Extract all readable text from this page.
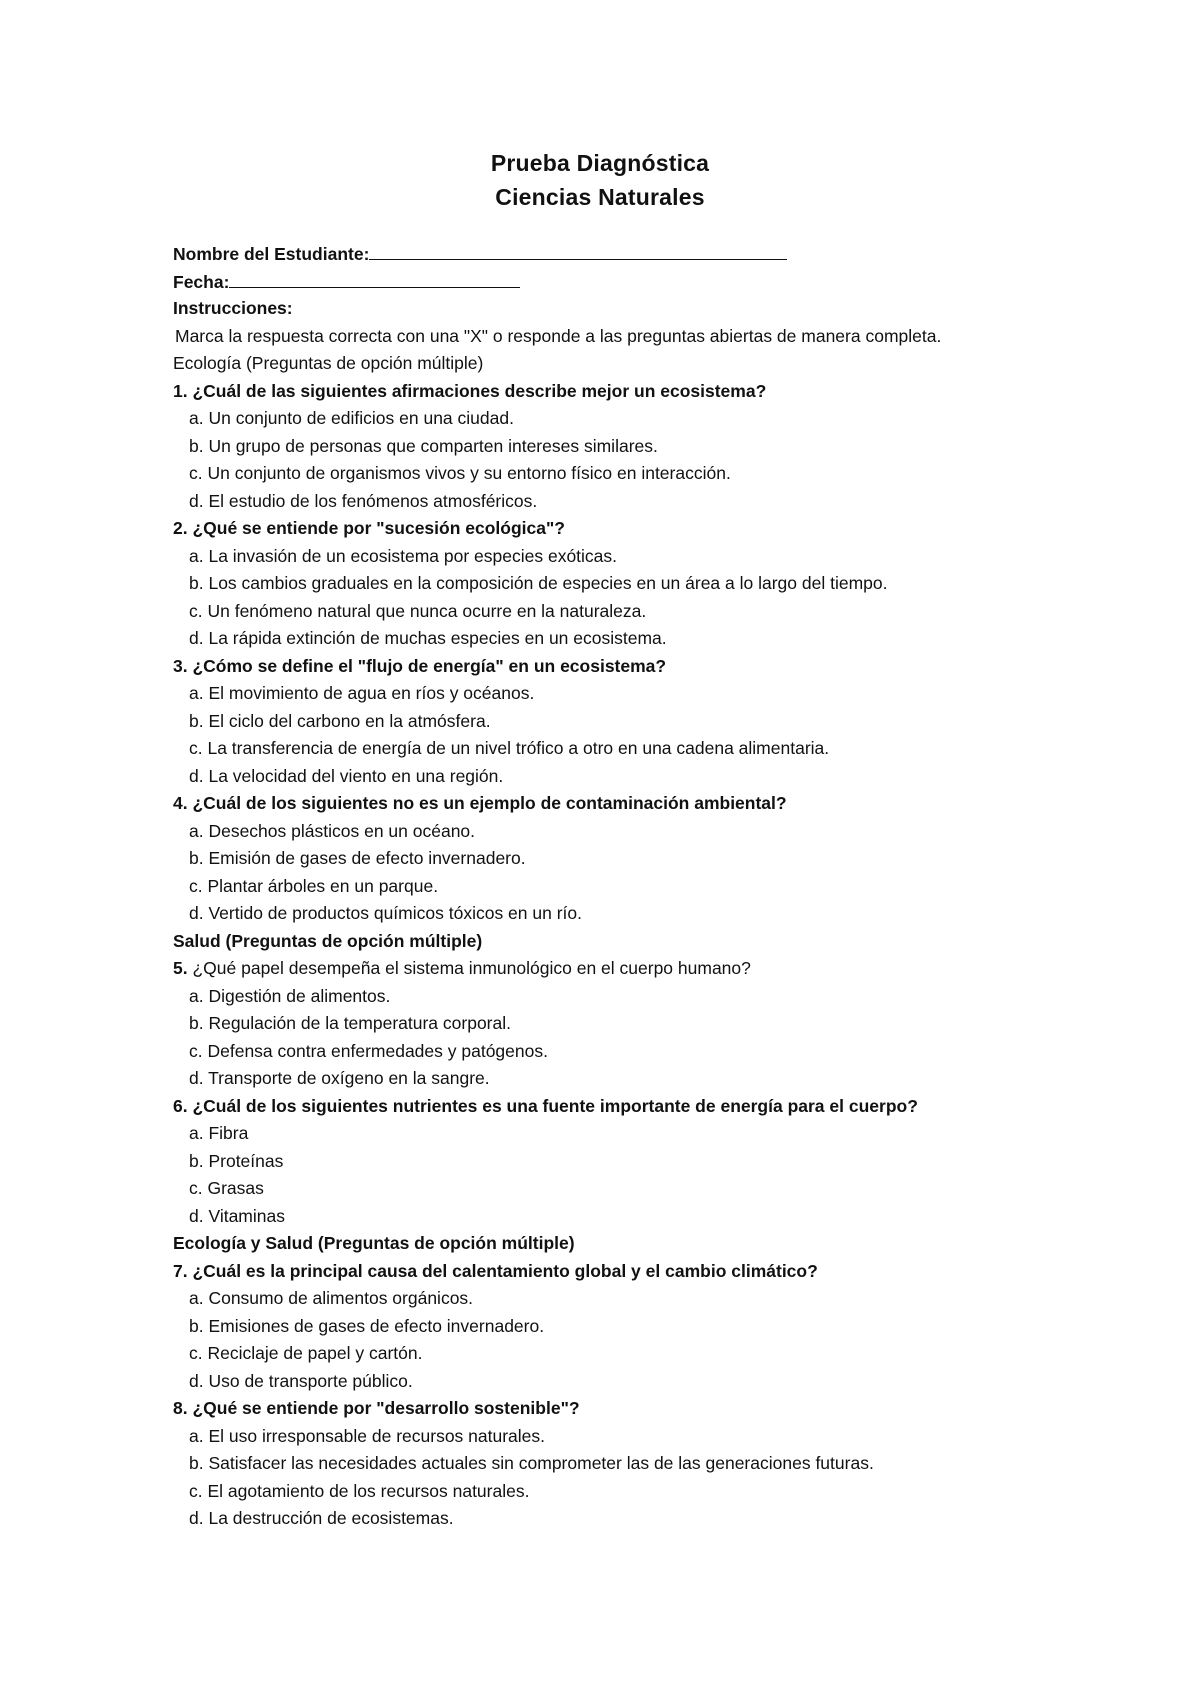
Prueba Diagnóstica
Ciencias Naturales
Nombre del Estudiante:
Fecha:
Instrucciones:
Marca la respuesta correcta con una "X" o responde a las preguntas abiertas de manera completa.
Ecología (Preguntas de opción múltiple)
1. ¿Cuál de las siguientes afirmaciones describe mejor un ecosistema?
a. Un conjunto de edificios en una ciudad.
b. Un grupo de personas que comparten intereses similares.
c. Un conjunto de organismos vivos y su entorno físico en interacción.
d. El estudio de los fenómenos atmosféricos.
2. ¿Qué se entiende por "sucesión ecológica"?
a. La invasión de un ecosistema por especies exóticas.
b. Los cambios graduales en la composición de especies en un área a lo largo del tiempo.
c. Un fenómeno natural que nunca ocurre en la naturaleza.
d. La rápida extinción de muchas especies en un ecosistema.
3. ¿Cómo se define el "flujo de energía" en un ecosistema?
a. El movimiento de agua en ríos y océanos.
b. El ciclo del carbono en la atmósfera.
c. La transferencia de energía de un nivel trófico a otro en una cadena alimentaria.
d. La velocidad del viento en una región.
4. ¿Cuál de los siguientes no es un ejemplo de contaminación ambiental?
a. Desechos plásticos en un océano.
b. Emisión de gases de efecto invernadero.
c. Plantar árboles en un parque.
d. Vertido de productos químicos tóxicos en un río.
Salud (Preguntas de opción múltiple)
5. ¿Qué papel desempeña el sistema inmunológico en el cuerpo humano?
a. Digestión de alimentos.
b. Regulación de la temperatura corporal.
c. Defensa contra enfermedades y patógenos.
d. Transporte de oxígeno en la sangre.
6. ¿Cuál de los siguientes nutrientes es una fuente importante de energía para el cuerpo?
a. Fibra
b. Proteínas
c. Grasas
d. Vitaminas
Ecología y Salud (Preguntas de opción múltiple)
7. ¿Cuál es la principal causa del calentamiento global y el cambio climático?
a. Consumo de alimentos orgánicos.
b. Emisiones de gases de efecto invernadero.
c. Reciclaje de papel y cartón.
d. Uso de transporte público.
8. ¿Qué se entiende por "desarrollo sostenible"?
a. El uso irresponsable de recursos naturales.
b. Satisfacer las necesidades actuales sin comprometer las de las generaciones futuras.
c. El agotamiento de los recursos naturales.
d. La destrucción de ecosistemas.
